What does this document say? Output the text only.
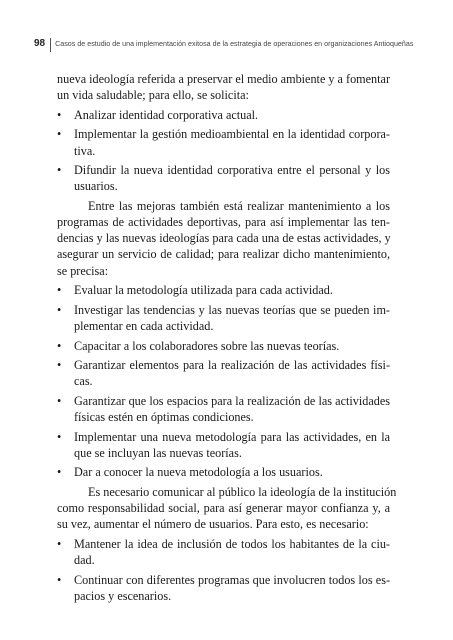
98	Casos de estudio de una implementación exitosa de la estrategia de operaciones en organizaciones Antioqueñas
nueva ideología referida a preservar el medio ambiente y a fomentar
un vida saludable; para ello, se solicita:
•	Analizar identidad corporativa actual.
•	Implementar la gestión medioambiental en la identidad corpora-
tiva.
•	Difundir la nueva identidad corporativa entre el personal y los
usuarios.
Entre las mejoras también está realizar mantenimiento a los
programas de actividades deportivas, para así implementar las ten-
dencias y las nuevas ideologías para cada una de estas actividades, y
asegurar un servicio de calidad; para realizar dicho mantenimiento,
se precisa:
•	Evaluar la metodología utilizada para cada actividad.
•	Investigar las tendencias y las nuevas teorías que se pueden im-
plementar en cada actividad.
•	Capacitar a los colaboradores sobre las nuevas teorías.
•	Garantizar elementos para la realización de las actividades físi-
cas.
•	Garantizar que los espacios para la realización de las actividades
físicas estén en óptimas condiciones.
•	Implementar una nueva metodología para las actividades, en la
que se incluyan las nuevas teorías.
•	Dar a conocer la nueva metodología a los usuarios.
Es necesario comunicar al público la ideología de la institución
como responsabilidad social, para así generar mayor confianza y, a
su vez, aumentar el número de usuarios. Para esto, es necesario:
•	Mantener la idea de inclusión de todos los habitantes de la ciu-
dad.
•	Continuar con diferentes programas que involucren todos los es-
pacios y escenarios.
